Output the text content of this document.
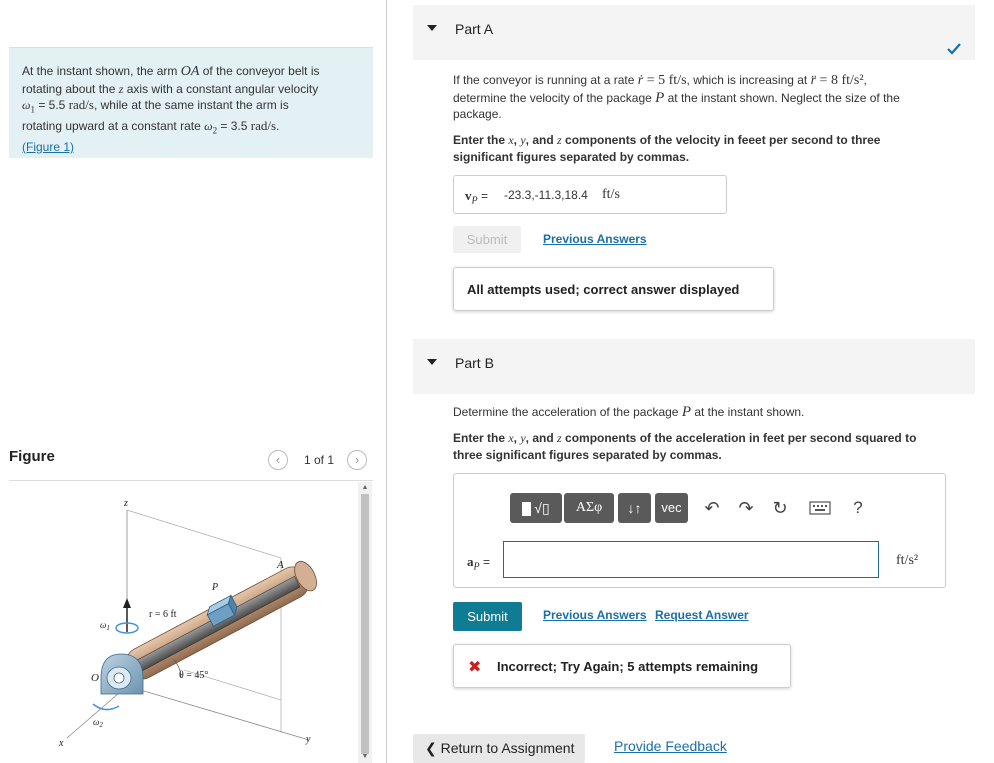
At the instant shown, the arm OA of the conveyor belt is
rotating about the z axis with a constant angular velocity
$\omega_1 = 5.5$ rad/s, while at the same instant the arm is
rotating upward at a constant rate $\omega_2 = 3.5$ rad/s.
(Figure 1)
Figure	‹	1 of 1	›
z
A
P
r = 6 ft
$\omega_1$
O	θ = 45°
$\omega_2$
x	y
▲
▼
Part A
If the conveyor is running at a rate ṙ = 5 ft/s, which is increasing at r̈ = 8 ft/s²,
determine the velocity of the package P at the instant shown. Neglect the size of the
package.
Enter the x, y, and z components of the velocity in feeet per second to three
significant figures separated by commas.
$v_P = -23.3,-11.3,18.4$ ft/s
Submit	Previous Answers
All attempts used; correct answer displayed
Part B
Determine the acceleration of the package P at the instant shown.
Enter the x, y, and z components of the acceleration in feet per second squared to
three significant figures separated by commas.
√▯	ΑΣφ	↓↑	vec	↶ ↷ ↻	?
$a_P$ =	ft/s²
Submit	Previous Answers Request Answer
✖ Incorrect; Try Again; 5 attempts remaining
❮ Return to Assignment	Provide Feedback
